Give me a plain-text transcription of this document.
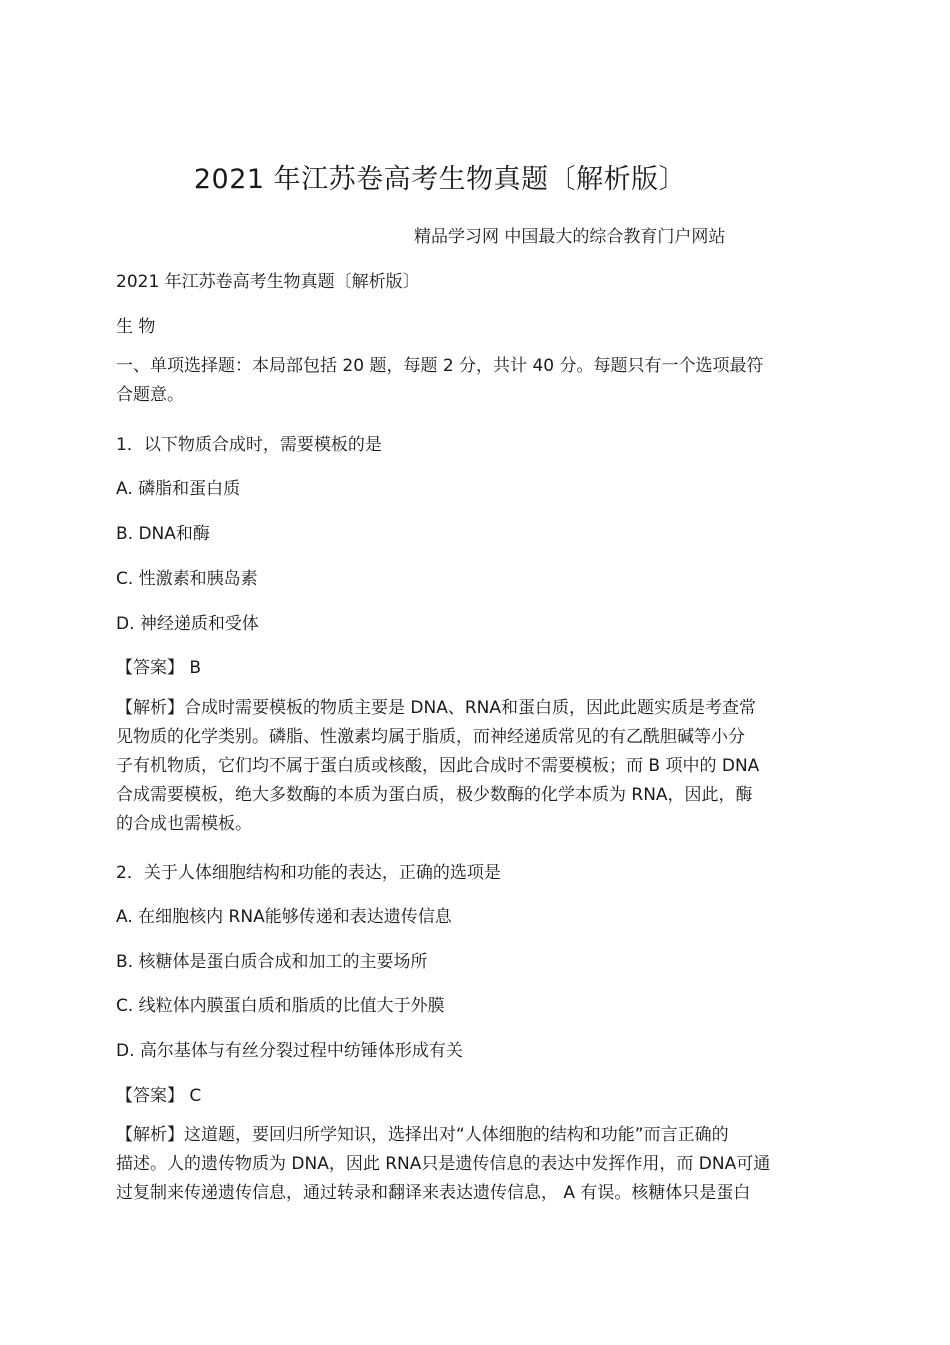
2021 年江苏卷高考生物真题〔解析版〕
精品学习网 中国最大的综合教育门户网站
2021 年江苏卷高考生物真题〔解析版〕
生 物
一、单项选择题：本局部包括 20 题，每题 2 分，共计 40 分。每题只有一个选项最符
合题意。
1．以下物质合成时，需要模板的是
A. 磷脂和蛋白质
B. DNA和酶
C. 性激素和胰岛素
D. 神经递质和受体
【答案】 B
【解析】合成时需要模板的物质主要是 DNA、RNA和蛋白质，因此此题实质是考查常
见物质的化学类别。磷脂、性激素均属于脂质，而神经递质常见的有乙酰胆碱等小分
子有机物质，它们均不属于蛋白质或核酸，因此合成时不需要模板；而 B 项中的 DNA
合成需要模板，绝大多数酶的本质为蛋白质，极少数酶的化学本质为 RNA，因此，酶
的合成也需模板。
2．关于人体细胞结构和功能的表达，正确的选项是
A. 在细胞核内 RNA能够传递和表达遗传信息
B. 核糖体是蛋白质合成和加工的主要场所
C. 线粒体内膜蛋白质和脂质的比值大于外膜
D. 高尔基体与有丝分裂过程中纺锤体形成有关
【答案】 C
【解析】这道题，要回归所学知识，选择出对“人体细胞的结构和功能”而言正确的
描述。人的遗传物质为 DNA，因此 RNA只是遗传信息的表达中发挥作用，而 DNA可通
过复制来传递遗传信息，通过转录和翻译来表达遗传信息， A 有误。核糖体只是蛋白
